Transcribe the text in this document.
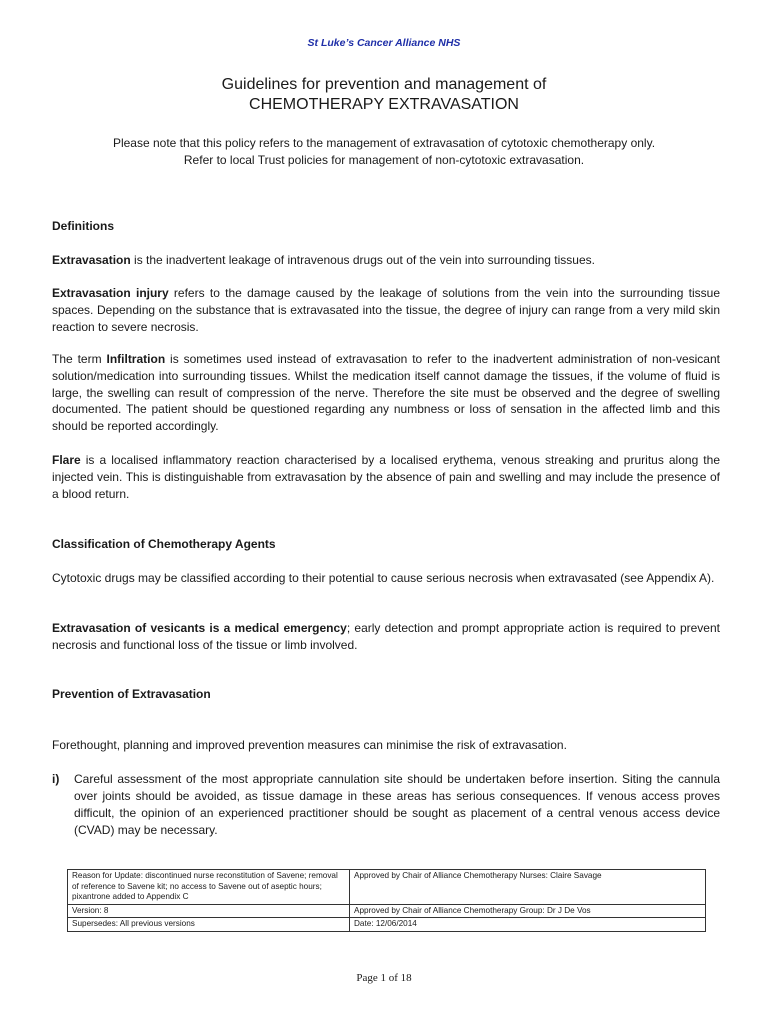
St Luke’s Cancer Alliance NHS
Guidelines for prevention and management of
CHEMOTHERAPY EXTRAVASATION
Please note that this policy refers to the management of extravasation of cytotoxic chemotherapy only.
Refer to local Trust policies for management of non-cytotoxic extravasation.
Definitions
Extravasation is the inadvertent leakage of intravenous drugs out of the vein into surrounding tissues.
Extravasation injury refers to the damage caused by the leakage of solutions from the vein into the surrounding tissue spaces. Depending on the substance that is extravasated into the tissue, the degree of injury can range from a very mild skin reaction to severe necrosis.
The term Infiltration is sometimes used instead of extravasation to refer to the inadvertent administration of non-vesicant solution/medication into surrounding tissues. Whilst the medication itself cannot damage the tissues, if the volume of fluid is large, the swelling can result of compression of the nerve. Therefore the site must be observed and the degree of swelling documented. The patient should be questioned regarding any numbness or loss of sensation in the affected limb and this should be reported accordingly.
Flare is a localised inflammatory reaction characterised by a localised erythema, venous streaking and pruritus along the injected vein. This is distinguishable from extravasation by the absence of pain and swelling and may include the presence of a blood return.
Classification of Chemotherapy Agents
Cytotoxic drugs may be classified according to their potential to cause serious necrosis when extravasated (see Appendix A).
Extravasation of vesicants is a medical emergency; early detection and prompt appropriate action is required to prevent necrosis and functional loss of the tissue or limb involved.
Prevention of Extravasation
Forethought, planning and improved prevention measures can minimise the risk of extravasation.
i) Careful assessment of the most appropriate cannulation site should be undertaken before insertion. Siting the cannula over joints should be avoided, as tissue damage in these areas has serious consequences. If venous access proves difficult, the opinion of an experienced practitioner should be sought as placement of a central venous access device (CVAD) may be necessary.
Reason for Update: discontinued nurse reconstitution of Savene; removal of reference to Savene kit; no access to Savene out of aseptic hours; pixantrone added to Appendix C	Approved by Chair of Alliance Chemotherapy Nurses: Claire Savage
Version: 8	Approved by Chair of Alliance Chemotherapy Group: Dr J De Vos
Supersedes: All previous versions	Date: 12/06/2014
Page 1 of 18
